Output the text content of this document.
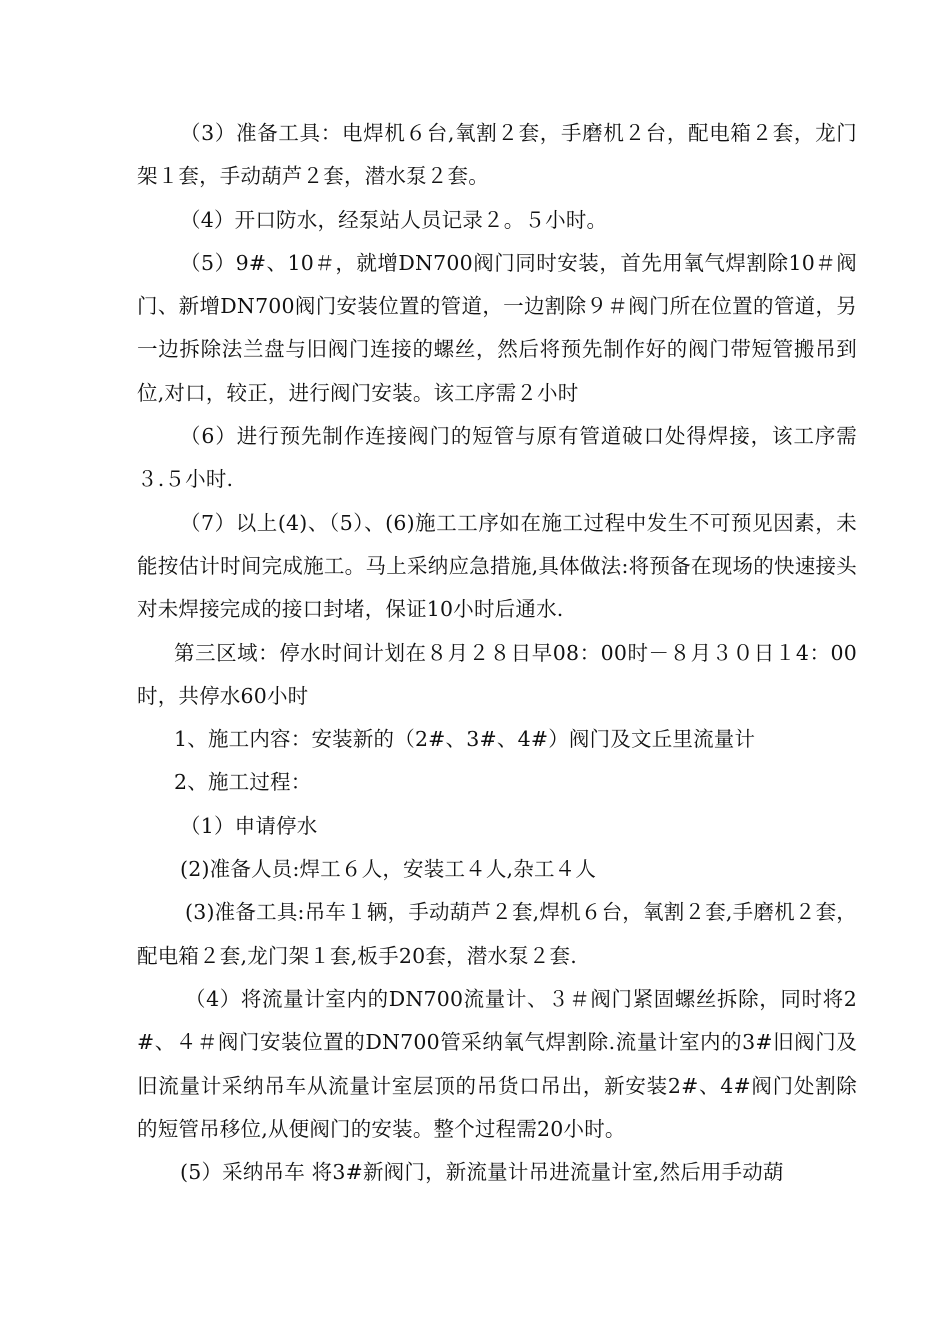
（3）准备工具：电焊机６台,氧割２套，手磨机２台，配电箱２套，龙门架１套，手动葫芦２套，潜水泵２套。

（4）开口防水，经泵站人员记录２。５小时。

（5）9#、10＃，就增DN700阀门同时安装，首先用氧气焊割除10＃阀门、新增DN700阀门安装位置的管道，一边割除９＃阀门所在位置的管道，另一边拆除法兰盘与旧阀门连接的螺丝，然后将预先制作好的阀门带短管搬吊到位,对口，较正，进行阀门安装。该工序需２小时

（6）进行预先制作连接阀门的短管与原有管道破口处得焊接，该工序需３.５小时.

（7）以上(4)、（5）、(6)施工工序如在施工过程中发生不可预见因素，未能按估计时间完成施工。马上采纳应急措施,具体做法:将预备在现场的快速接头对未焊接完成的接口封堵，保证10小时后通水.

第三区域：停水时间计划在８月２８日早08：00时－８月３０日１4：00时，共停水60小时

1、施工内容：安装新的（2#、3#、4#）阀门及文丘里流量计

2、施工过程：

（1）申请停水

(2)准备人员:焊工６人，安装工４人,杂工４人

(3)准备工具:吊车１辆，手动葫芦２套,焊机６台，氧割２套,手磨机２套，配电箱２套,龙门架１套,板手20套，潜水泵２套.

（4）将流量计室内的DN700流量计、３＃阀门紧固螺丝拆除，同时将2#、４＃阀门安装位置的DN700管采纳氧气焊割除.流量计室内的3#旧阀门及旧流量计采纳吊车从流量计室层顶的吊货口吊出，新安装2#、4#阀门处割除的短管吊移位,从便阀门的安装。整个过程需20小时。

(5）采纳吊车 将3#新阀门，新流量计吊进流量计室,然后用手动葫
